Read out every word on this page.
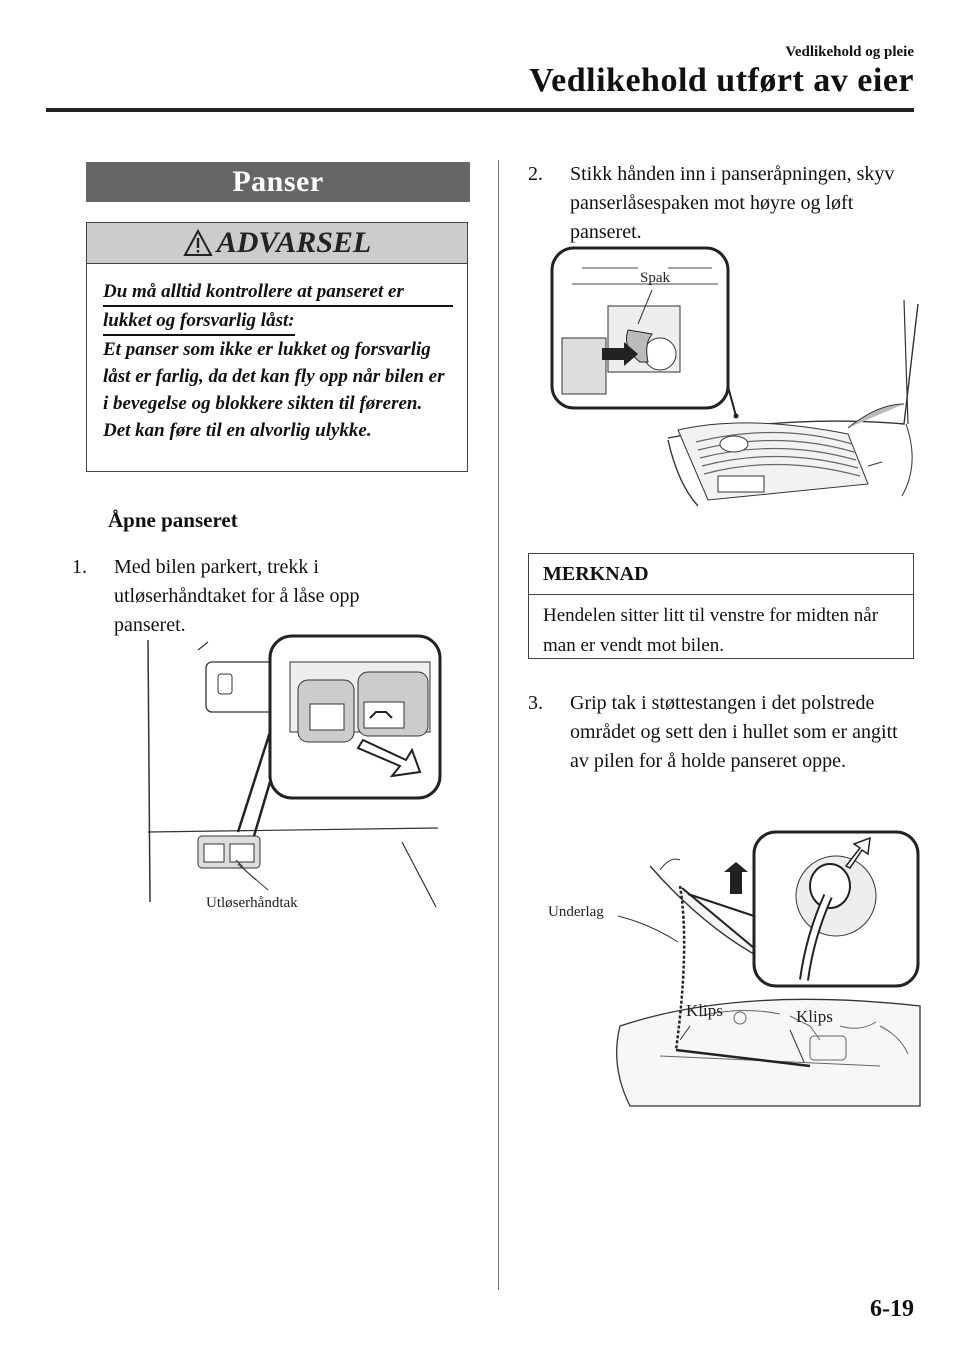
Vedlikehold og pleie
Vedlikehold utført av eier
Panser
ADVARSEL
Du må alltid kontrollere at panseret er
lukket og forsvarlig låst:
Et panser som ikke er lukket og forsvarlig låst er farlig, da det kan fly opp når bilen er i bevegelse og blokkere sikten til føreren. Det kan føre til en alvorlig ulykke.
Åpne panseret
1. Med bilen parkert, trekk i utløserhåndtaket for å låse opp panseret.
Utløserhåndtak
2. Stikk hånden inn i panseråpningen, skyv panserlåsespaken mot høyre og løft panseret.
Spak
MERKNAD
Hendelen sitter litt til venstre for midten når man er vendt mot bilen.
3. Grip tak i støttestangen i det polstrede området og sett den i hullet som er angitt av pilen for å holde panseret oppe.
Underlag
Klips	Klips
6-19
